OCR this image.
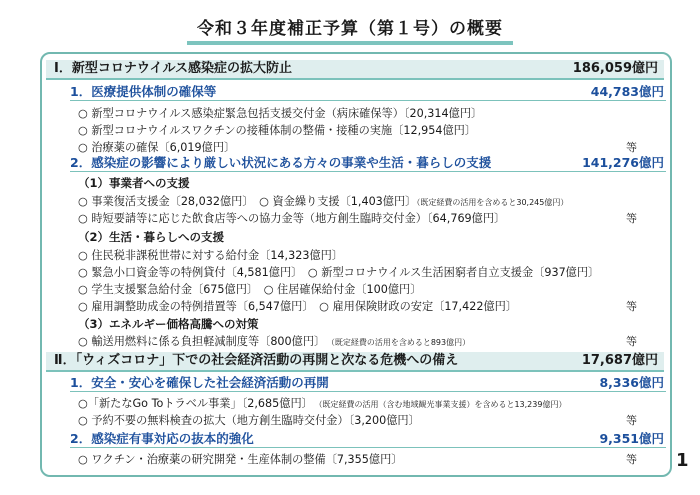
令和３年度補正予算（第１号）の概要
Ⅰ．新型コロナウイルス感染症の拡大防止	186,059億円
1．医療提供体制の確保等	44,783億円
○ 新型コロナウイルス感染症緊急包括支援交付金（病床確保等）〔20,314億円〕
○ 新型コロナウイルスワクチンの接種体制の整備・接種の実施〔12,954億円〕
○ 治療薬の確保〔6,019億円〕	等
2．感染症の影響により厳しい状況にある方々の事業や生活・暮らしの支援	141,276億円
（1）事業者への支援
○ 事業復活支援金〔28,032億円〕　 ○ 資金繰り支援〔1,403億円〕（既定経費の活用を含めると30,245億円）
○ 時短要請等に応じた飲食店等への協力金等（地方創生臨時交付金）〔64,769億円〕	等
（2）生活・暮らしへの支援
○ 住民税非課税世帯に対する給付金〔14,323億円〕
○ 緊急小口資金等の特例貸付〔4,581億円〕　○ 新型コロナウイルス生活困窮者自立支援金〔937億円〕
○ 学生支援緊急給付金〔675億円〕　○ 住居確保給付金〔100億円〕
○ 雇用調整助成金の特例措置等〔6,547億円〕　○ 雇用保険財政の安定〔17,422億円〕	等
（3）エネルギー価格高騰への対策
○ 輸送用燃料に係る負担軽減制度等〔800億円〕　 （既定経費の活用を含めると893億円）	等
Ⅱ．「ウィズコロナ」下での社会経済活動の再開と次なる危機への備え	17,687億円
1．安全・安心を確保した社会経済活動の再開	8,336億円
○「新たなGo Toトラベル事業」〔2,685億円〕　 （既定経費の活用（含む地域観光事業支援）を含めると13,239億円）
○ 予約不要の無料検査の拡大（地方創生臨時交付金）〔3,200億円〕	等
2．感染症有事対応の抜本的強化	9,351億円
○ ワクチン・治療薬の研究開発・生産体制の整備〔7,355億円〕	等 1
